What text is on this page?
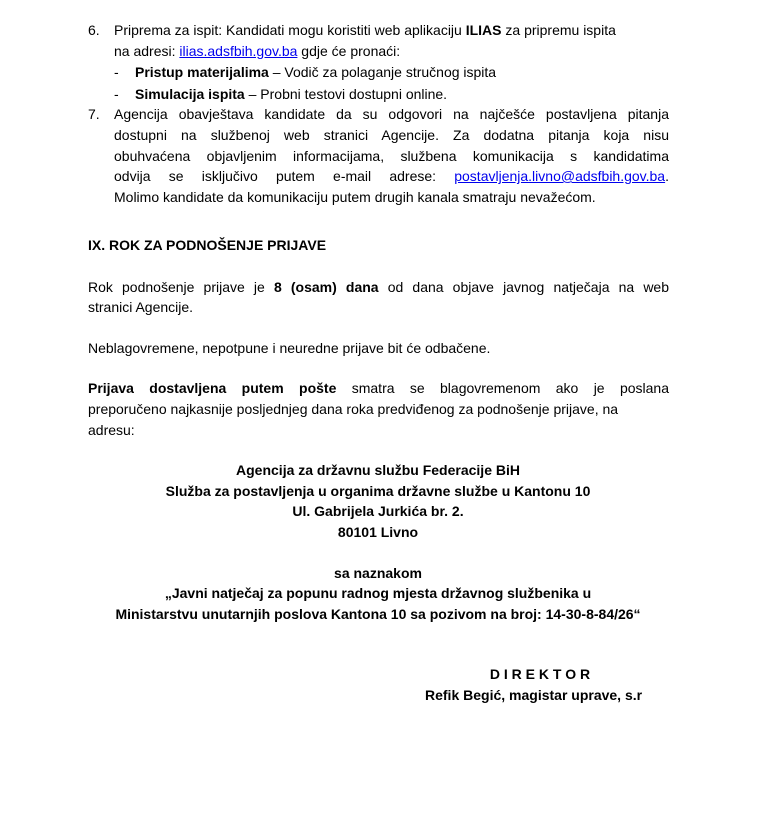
6. Priprema za ispit: Kandidati mogu koristiti web aplikaciju ILIAS za pripremu ispita
na adresi: ilias.adsfbih.gov.ba gdje će pronaći:
- Pristup materijalima – Vodič za polaganje stručnog ispita
- Simulacija ispita – Probni testovi dostupni online.
7. Agencija obavještava kandidate da su odgovori na najčešće postavljena pitanja
dostupni na službenoj web stranici Agencije. Za dodatna pitanja koja nisu
obuhvaćena objavljenim informacijama, službena komunikacija s kandidatima
odvija se isključivo putem e-mail adrese: postavljenja.livno@adsfbih.gov.ba.
Molimo kandidate da komunikaciju putem drugih kanala smatraju nevažećom.
IX. ROK ZA PODNOŠENJE PRIJAVE
Rok podnošenje prijave je 8 (osam) dana od dana objave javnog natječaja na web
stranici Agencije.
Neblagovremene, nepotpune i neuredne prijave bit će odbačene.
Prijava dostavljena putem pošte smatra se blagovremenom ako je poslana
preporučeno najkasnije posljednjeg dana roka predviđenog za podnošenje prijave, na
adresu:
Agencija za državnu službu Federacije BiH
Služba za postavljenja u organima državne službe u Kantonu 10
Ul. Gabrijela Jurkića br. 2.
80101 Livno
sa naznakom
„Javni natječaj za popunu radnog mjesta državnog službenika u
Ministarstvu unutarnjih poslova Kantona 10 sa pozivom na broj: 14-30-8-84/26“
D I R E K T O R
Refik Begić, magistar uprave, s.r
